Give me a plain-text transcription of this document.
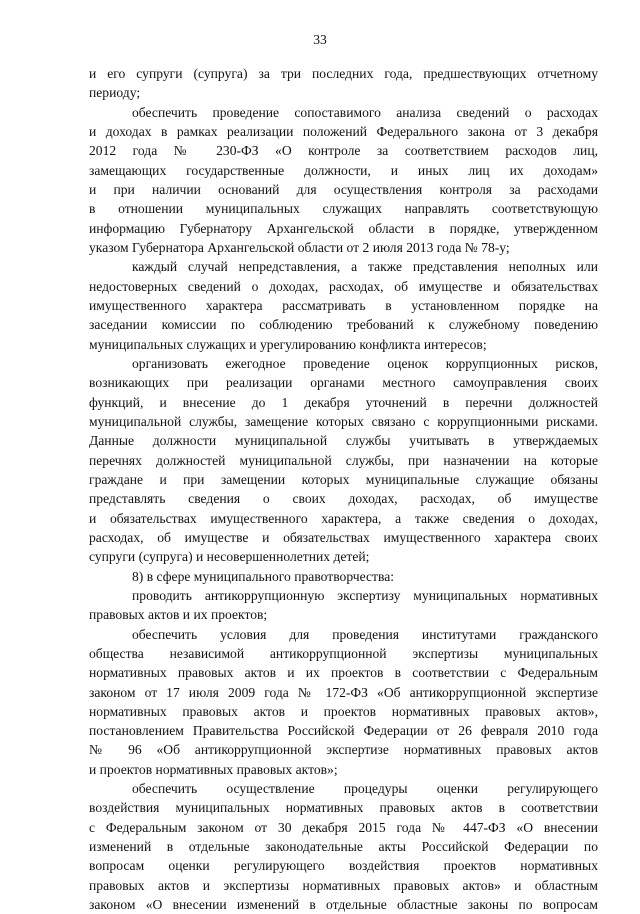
33
и его супруги (супруга) за три последних года, предшествующих отчетному
периоду;
обеспечить проведение сопоставимого анализа сведений о расходах
и доходах в рамках реализации положений Федерального закона от 3 декабря
2012 года № 230-ФЗ «О контроле за соответствием расходов лиц,
замещающих государственные должности, и иных лиц их доходам»
и при наличии оснований для осуществления контроля за расходами
в отношении муниципальных служащих направлять соответствующую
информацию Губернатору Архангельской области в порядке, утвержденном
указом Губернатора Архангельской области от 2 июля 2013 года № 78-у;
каждый случай непредставления, а также представления неполных или
недостоверных сведений о доходах, расходах, об имуществе и обязательствах
имущественного характера рассматривать в установленном порядке на
заседании комиссии по соблюдению требований к служебному поведению
муниципальных служащих и урегулированию конфликта интересов;
организовать ежегодное проведение оценок коррупционных рисков,
возникающих при реализации органами местного самоуправления своих
функций, и внесение до 1 декабря уточнений в перечни должностей
муниципальной службы, замещение которых связано с коррупционными рисками.
Данные должности муниципальной службы учитывать в утверждаемых
перечнях должностей муниципальной службы, при назначении на которые
граждане и при замещении которых муниципальные служащие обязаны
представлять сведения о своих доходах, расходах, об имуществе
и обязательствах имущественного характера, а также сведения о доходах,
расходах, об имуществе и обязательствах имущественного характера своих
супруги (супруга) и несовершеннолетних детей;
8) в сфере муниципального правотворчества:
проводить антикоррупционную экспертизу муниципальных нормативных
правовых актов и их проектов;
обеспечить условия для проведения институтами гражданского
общества независимой антикоррупционной экспертизы муниципальных
нормативных правовых актов и их проектов в соответствии с Федеральным
законом от 17 июля 2009 года № 172-ФЗ «Об антикоррупционной экспертизе
нормативных правовых актов и проектов нормативных правовых актов»,
постановлением Правительства Российской Федерации от 26 февраля 2010 года
№ 96 «Об антикоррупционной экспертизе нормативных правовых актов
и проектов нормативных правовых актов»;
обеспечить осуществление процедуры оценки регулирующего
воздействия муниципальных нормативных правовых актов в соответствии
с Федеральным законом от 30 декабря 2015 года № 447-ФЗ «О внесении
изменений в отдельные законодательные акты Российской Федерации по
вопросам оценки регулирующего воздействия проектов нормативных
правовых актов и экспертизы нормативных правовых актов» и областным
законом «О внесении изменений в отдельные областные законы по вопросам
